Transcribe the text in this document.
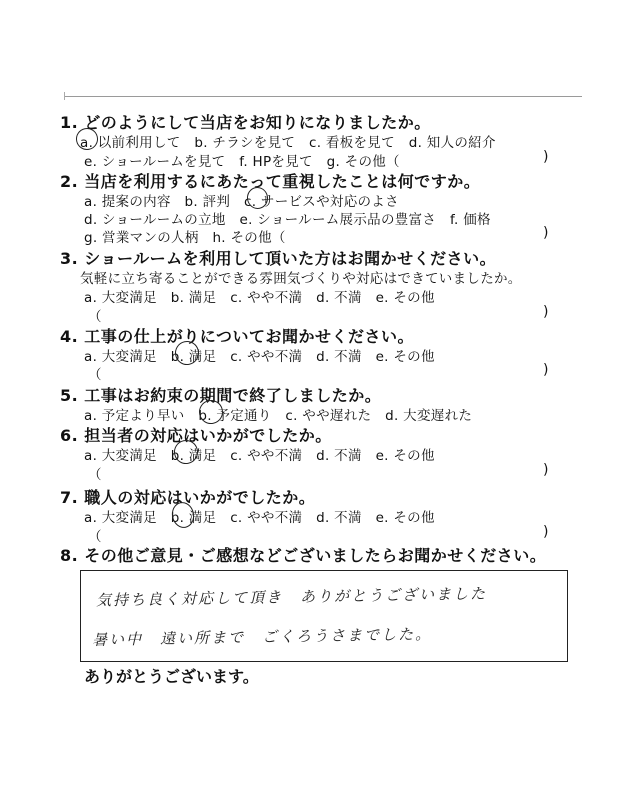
1. どのようにして当店をお知りになりましたか。
a. 以前利用して　b. チラシを見て　c. 看板を見て　d. 知人の紹介
e. ショールームを見て　f. HPを見て　g. その他（	)
2. 当店を利用するにあたって重視したことは何ですか。
a. 提案の内容　b. 評判　c. サービスや対応のよさ
d. ショールームの立地　e. ショールーム展示品の豊富さ　f. 価格
g. 営業マンの人柄　h. その他（	)
3. ショールームを利用して頂いた方はお聞かせください。
気軽に立ち寄ることができる雰囲気づくりや対応はできていましたか。
a. 大変満足　b. 満足　c. やや不満　d. 不満　e. その他
（	)
4. 工事の仕上がりについてお聞かせください。
a. 大変満足　b. 満足　c. やや不満　d. 不満　e. その他
（	)
5. 工事はお約束の期間で終了しましたか。
a. 予定より早い　b. 予定通り　c. やや遅れた　d. 大変遅れた
6. 担当者の対応はいかがでしたか。
a. 大変満足　b. 満足　c. やや不満　d. 不満　e. その他
（	)
7. 職人の対応はいかがでしたか。
a. 大変満足　b. 満足　c. やや不満　d. 不満　e. その他
（	)
8. その他ご意見・ご感想などございましたらお聞かせください。
気持ち良く対応して頂き　ありがとうございました
暑い中　遠い所まで　ごくろうさまでした。
ありがとうございます。
